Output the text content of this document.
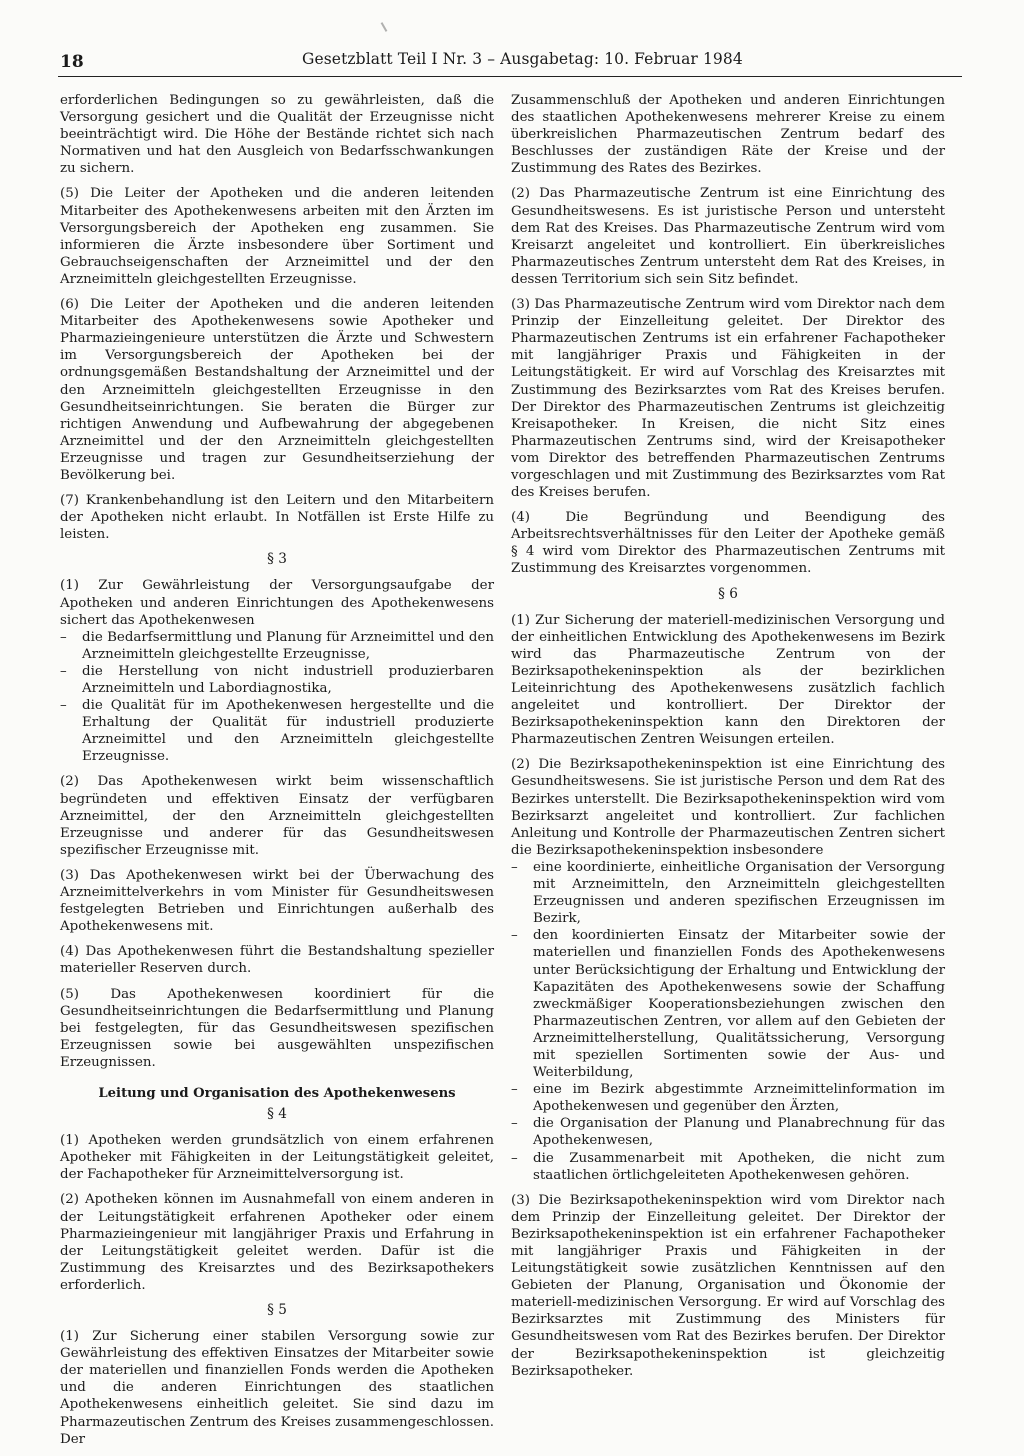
18	Gesetzblatt Teil I Nr. 3 – Ausgabetag: 10. Februar 1984

erforderlichen Bedingungen so zu gewährleisten, daß die Versorgung gesichert und die Qualität der Erzeugnisse nicht beeinträchtigt wird. Die Höhe der Bestände richtet sich nach Normativen und hat den Ausgleich von Bedarfsschwankungen zu sichern.

(5) Die Leiter der Apotheken und die anderen leitenden Mitarbeiter des Apothekenwesens arbeiten mit den Ärzten im Versorgungsbereich der Apotheken eng zusammen. Sie informieren die Ärzte insbesondere über Sortiment und Gebrauchseigenschaften der Arzneimittel und der den Arzneimitteln gleichgestellten Erzeugnisse.

(6) Die Leiter der Apotheken und die anderen leitenden Mitarbeiter des Apothekenwesens sowie Apotheker und Pharmazieingenieure unterstützen die Ärzte und Schwestern im Versorgungsbereich der Apotheken bei der ordnungsgemäßen Bestandshaltung der Arzneimittel und der den Arzneimitteln gleichgestellten Erzeugnisse in den Gesundheitseinrichtungen. Sie beraten die Bürger zur richtigen Anwendung und Aufbewahrung der abgegebenen Arzneimittel und der den Arzneimitteln gleichgestellten Erzeugnisse und tragen zur Gesundheitserziehung der Bevölkerung bei.

(7) Krankenbehandlung ist den Leitern und den Mitarbeitern der Apotheken nicht erlaubt. In Notfällen ist Erste Hilfe zu leisten.

§ 3

(1) Zur Gewährleistung der Versorgungsaufgabe der Apotheken und anderen Einrichtungen des Apothekenwesens sichert das Apothekenwesen

– die Bedarfsermittlung und Planung für Arzneimittel und den Arzneimitteln gleichgestellte Erzeugnisse,
– die Herstellung von nicht industriell produzierbaren Arzneimitteln und Labordiagnostika,
– die Qualität für im Apothekenwesen hergestellte und die Erhaltung der Qualität für industriell produzierte Arzneimittel und den Arzneimitteln gleichgestellte Erzeugnisse.

(2) Das Apothekenwesen wirkt beim wissenschaftlich begründeten und effektiven Einsatz der verfügbaren Arzneimittel, der den Arzneimitteln gleichgestellten Erzeugnisse und anderer für das Gesundheitswesen spezifischer Erzeugnisse mit.

(3) Das Apothekenwesen wirkt bei der Überwachung des Arzneimittelverkehrs in vom Minister für Gesundheitswesen festgelegten Betrieben und Einrichtungen außerhalb des Apothekenwesens mit.

(4) Das Apothekenwesen führt die Bestandshaltung spezieller materieller Reserven durch.

(5) Das Apothekenwesen koordiniert für die Gesundheitseinrichtungen die Bedarfsermittlung und Planung bei festgelegten, für das Gesundheitswesen spezifischen Erzeugnissen sowie bei ausgewählten unspezifischen Erzeugnissen.

Leitung und Organisation des Apothekenwesens

§ 4

(1) Apotheken werden grundsätzlich von einem erfahrenen Apotheker mit Fähigkeiten in der Leitungstätigkeit geleitet, der Fachapotheker für Arzneimittelversorgung ist.

(2) Apotheken können im Ausnahmefall von einem anderen in der Leitungstätigkeit erfahrenen Apotheker oder einem Pharmazieingenieur mit langjähriger Praxis und Erfahrung in der Leitungstätigkeit geleitet werden. Dafür ist die Zustimmung des Kreisarztes und des Bezirksapothekers erforderlich.

§ 5

(1) Zur Sicherung einer stabilen Versorgung sowie zur Gewährleistung des effektiven Einsatzes der Mitarbeiter sowie der materiellen und finanziellen Fonds werden die Apotheken und die anderen Einrichtungen des staatlichen Apothekenwesens einheitlich geleitet. Sie sind dazu im Pharmazeutischen Zentrum des Kreises zusammengeschlossen. Der

Zusammenschluß der Apotheken und anderen Einrichtungen des staatlichen Apothekenwesens mehrerer Kreise zu einem überkreislichen Pharmazeutischen Zentrum bedarf des Beschlusses der zuständigen Räte der Kreise und der Zustimmung des Rates des Bezirkes.

(2) Das Pharmazeutische Zentrum ist eine Einrichtung des Gesundheitswesens. Es ist juristische Person und untersteht dem Rat des Kreises. Das Pharmazeutische Zentrum wird vom Kreisarzt angeleitet und kontrolliert. Ein überkreisliches Pharmazeutisches Zentrum untersteht dem Rat des Kreises, in dessen Territorium sich sein Sitz befindet.

(3) Das Pharmazeutische Zentrum wird vom Direktor nach dem Prinzip der Einzelleitung geleitet. Der Direktor des Pharmazeutischen Zentrums ist ein erfahrener Fachapotheker mit langjähriger Praxis und Fähigkeiten in der Leitungstätigkeit. Er wird auf Vorschlag des Kreisarztes mit Zustimmung des Bezirksarztes vom Rat des Kreises berufen. Der Direktor des Pharmazeutischen Zentrums ist gleichzeitig Kreisapotheker. In Kreisen, die nicht Sitz eines Pharmazeutischen Zentrums sind, wird der Kreisapotheker vom Direktor des betreffenden Pharmazeutischen Zentrums vorgeschlagen und mit Zustimmung des Bezirksarztes vom Rat des Kreises berufen.

(4) Die Begründung und Beendigung des Arbeitsrechtsverhältnisses für den Leiter der Apotheke gemäß § 4 wird vom Direktor des Pharmazeutischen Zentrums mit Zustimmung des Kreisarztes vorgenommen.

§ 6

(1) Zur Sicherung der materiell-medizinischen Versorgung und der einheitlichen Entwicklung des Apothekenwesens im Bezirk wird das Pharmazeutische Zentrum von der Bezirksapothekeninspektion als der bezirklichen Leiteinrichtung des Apothekenwesens zusätzlich fachlich angeleitet und kontrolliert. Der Direktor der Bezirksapothekeninspektion kann den Direktoren der Pharmazeutischen Zentren Weisungen erteilen.

(2) Die Bezirksapothekeninspektion ist eine Einrichtung des Gesundheitswesens. Sie ist juristische Person und dem Rat des Bezirkes unterstellt. Die Bezirksapothekeninspektion wird vom Bezirksarzt angeleitet und kontrolliert. Zur fachlichen Anleitung und Kontrolle der Pharmazeutischen Zentren sichert die Bezirksapothekeninspektion insbesondere

– eine koordinierte, einheitliche Organisation der Versorgung mit Arzneimitteln, den Arzneimitteln gleichgestellten Erzeugnissen und anderen spezifischen Erzeugnissen im Bezirk,
– den koordinierten Einsatz der Mitarbeiter sowie der materiellen und finanziellen Fonds des Apothekenwesens unter Berücksichtigung der Erhaltung und Entwicklung der Kapazitäten des Apothekenwesens sowie der Schaffung zweckmäßiger Kooperationsbeziehungen zwischen den Pharmazeutischen Zentren, vor allem auf den Gebieten der Arzneimittelherstellung, Qualitätssicherung, Versorgung mit speziellen Sortimenten sowie der Aus- und Weiterbildung,
– eine im Bezirk abgestimmte Arzneimittelinformation im Apothekenwesen und gegenüber den Ärzten,
– die Organisation der Planung und Planabrechnung für das Apothekenwesen,
– die Zusammenarbeit mit Apotheken, die nicht zum staatlichen örtlichgeleiteten Apothekenwesen gehören.

(3) Die Bezirksapothekeninspektion wird vom Direktor nach dem Prinzip der Einzelleitung geleitet. Der Direktor der Bezirksapothekeninspektion ist ein erfahrener Fachapotheker mit langjähriger Praxis und Fähigkeiten in der Leitungstätigkeit sowie zusätzlichen Kenntnissen auf den Gebieten der Planung, Organisation und Ökonomie der materiell-medizinischen Versorgung. Er wird auf Vorschlag des Bezirksarztes mit Zustimmung des Ministers für Gesundheitswesen vom Rat des Bezirkes berufen. Der Direktor der Bezirksapothekeninspektion ist gleichzeitig Bezirksapotheker.
